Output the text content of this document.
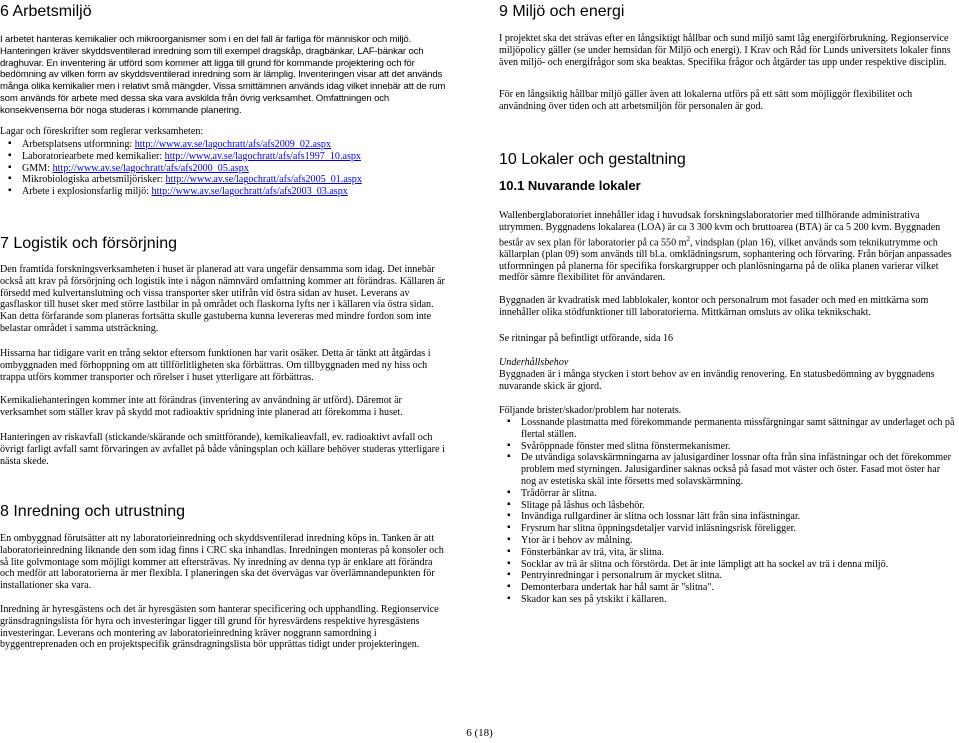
6 Arbetsmiljö

I arbetet hanteras kemikalier och mikroorganismer som i en del fall är farliga för människor och miljö. Hanteringen kräver skyddsventilerad inredning som till exempel dragskåp, dragbänkar, LAF-bänkar och draghuvar. En inventering är utförd som kommer att ligga till grund för kommande projektering och för bedömning av vilken form av skyddsventilerad inredning som är lämplig. Inventeringen visar att det används många olika kemikalier men i relativt små mängder. Vissa smittämnen används idag vilket innebär att de rum som används för arbete med dessa ska vara avskilda från övrig verksamhet. Omfattningen och konsekvenserna bör noga studeras i kommande planering.

Lagar och föreskrifter som reglerar verksamheten:

▪ Arbetsplatsens utformning: http://www.av.se/lagochratt/afs/afs2009_02.aspx
▪ Laboratoriearbete med kemikalier: http://www.av.se/lagochratt/afs/afs1997_10.aspx
▪ GMM: http://www.av.se/lagochratt/afs/afs2000_05.aspx
▪ Mikrobiologiska arbetsmiljörisker: http://www.av.se/lagochratt/afs/afs2005_01.aspx
▪ Arbete i explosionsfarlig miljö: http://www.av.se/lagochratt/afs/afs2003_03.aspx
7 Logistik och försörjning

Den framtida forskningsverksamheten i huset är planerad att vara ungefär densamma som idag. Det innebär också att krav på försörjning och logistik inte i någon nämnvärd omfattning kommer att förändras. Källaren är försedd med kulvertanslutning och vissa transporter sker utifrån vid östra sidan av huset. Leverans av gasflaskor till huset sker med större lastbilar in på området och flaskorna lyfts ner i källaren via östra sidan. Kan detta förfarande som planeras fortsätta skulle gastuberna kunna levereras med mindre fordon som inte belastar området i samma utsträckning.

Hissarna har tidigare varit en trång sektor eftersom funktionen har varit osäker. Detta är tänkt att åtgärdas i ombyggnaden med förhoppning om att tillförlitligheten ska förbättras. Om tillbyggnaden med ny hiss och trappa utförs kommer transporter och rörelser i huset ytterligare att förbättras.

Kemikaliehanteringen kommer inte att förändras (inventering av användning är utförd). Däremot är verksamhet som ställer krav på skydd mot radioaktiv spridning inte planerad att förekomma i huset.

Hanteringen av riskavfall (stickande/skärande och smittförande), kemikalieavfall, ev. radioaktivt avfall och övrigt farligt avfall samt förvaringen av avfallet på både våningsplan och källare behöver studeras ytterligare i nästa skede.

8 Inredning och utrustning

En ombyggnad förutsätter att ny laboratorieinredning och skyddsventilerad inredning köps in. Tanken är att laboratorieinredning liknande den som idag finns i CRC ska inhandlas. Inredningen monteras på konsoler och så lite golvmontage som möjligt kommer att eftersträvas. Ny inredning av denna typ är enklare att förändra och medför att laboratorierna är mer flexibla. I planeringen ska det övervägas var överlämnandepunkten för installationer ska vara.

Inredning är hyresgästens och det är hyresgästen som hanterar specificering och upphandling. Regionservice gränsdragningslista för hyra och investeringar ligger till grund för hyresvärdens respektive hyresgästens investeringar. Leverans och montering av laboratorieinredning kräver noggrann samordning i byggentreprenaden och en projektspecifik gränsdragningslista bör upprättas tidigt under projekteringen.

9 Miljö och energi

I projektet ska det strävas efter en långsiktigt hållbar och sund miljö samt låg energiförbrukning. Regionservice miljöpolicy gäller (se under hemsidan för Miljö och energi). I Krav och Råd för Lunds universitets lokaler finns även miljö- och energifrågor som ska beaktas. Specifika frågor och åtgärder tas upp under respektive disciplin.

För en långsiktig hållbar miljö gäller även att lokalerna utförs på ett sätt som möjliggör flexibilitet och användning över tiden och att arbetsmiljön för personalen är god.

10 Lokaler och gestaltning
10.1 Nuvarande lokaler

Wallenberglaboratoriet innehåller idag i huvudsak forskningslaboratorier med tillhörande administrativa utrymmen. Byggnadens lokalarea (LOA) är ca 3 300 kvm och bruttoarea (BTA) är ca 5 200 kvm. Byggnaden består av sex plan för laboratorier på ca 550 $m^2$, vindsplan (plan 16), vilket används som teknikutrymme och källarplan (plan 09) som används till bl.a. omklädningsrum, sophantering och förvaring. Från början anpassades utformningen på planerna för specifika forskargrupper och planlösningarna på de olika planen varierar vilket medför sämre flexibilitet för användaren.

Byggnaden är kvadratisk med labblokaler, kontor och personalrum mot fasader och med en mittkärna som innehåller olika stödfunktioner till laboratorierna. Mittkärnan omsluts av olika teknikschakt.

Se ritningar på befintligt utförande, sida 16

Underhållsbehov

Byggnaden är i många stycken i stort behov av en invändig renovering. En statusbedömning av byggnadens nuvarande skick är gjord.

Följande brister/skador/problem har noterats.

▪ Lossnande plastmatta med förekommande permanenta missfärgningar samt sättningar av underlaget och på flertal ställen.
▪ Svåröppnade fönster med slitna fönstermekanismer.
▪ De utvändiga solavskärmningarna av jalusigardiner lossnar ofta från sina infästningar och det förekommer problem med styrningen. Jalusigardiner saknas också på fasad mot väster och öster. Fasad mot öster har nog av estetiska skäl inte försetts med solavskärmning.
▪ Trådörrar är slitna.
▪ Slitage på låshus och låsbehör.
▪ Invändiga rullgardiner är slitna och lossnar lätt från sina infästningar.
▪ Frysrum har slitna öppningsdetaljer varvid inläsningsrisk föreligger.
▪ Ytor är i behov av målning.
▪ Fönsterbänkar av trä, vita, är slitna.
▪ Socklar av trä är slitna och förstörda. Det är inte lämpligt att ha sockel av trä i denna miljö.
▪ Pentryinredningar i personalrum är mycket slitna.
▪ Demonterbara undertak har hål samt är "slitna".
▪ Skador kan ses på ytskikt i källaren.
6 (18)
